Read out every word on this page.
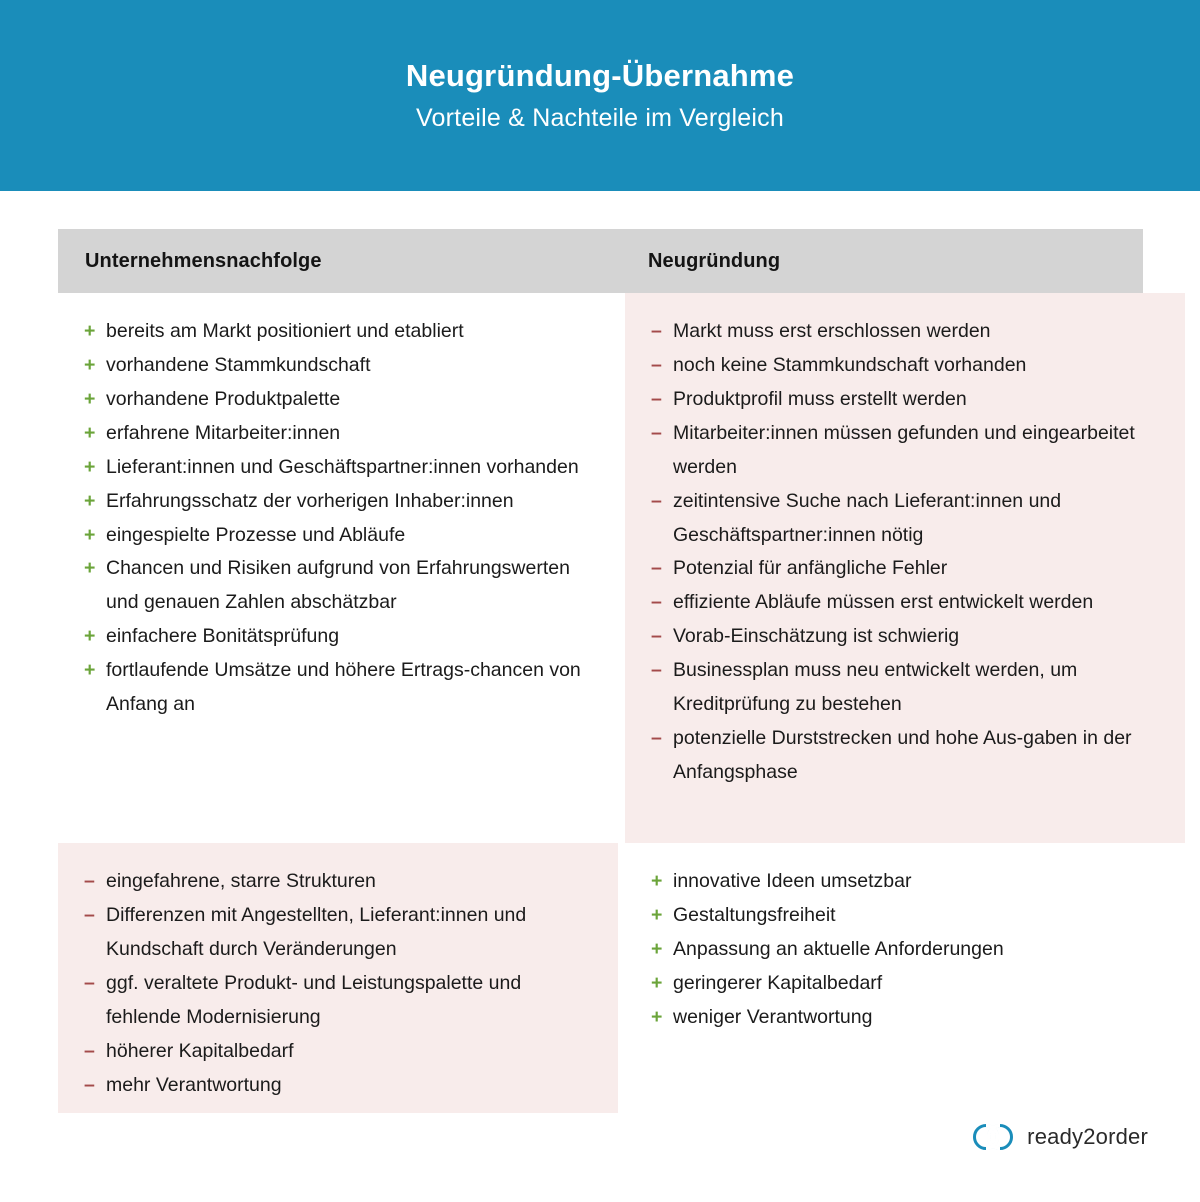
Neugründung-Übernahme
Vorteile & Nachteile im Vergleich
Unternehmensnachfolge	Neugründung
+ bereits am Markt positioniert und etabliert
+ vorhandene Stammkundschaft
+ vorhandene Produktpalette
+ erfahrene Mitarbeiter:innen
+ Lieferant:innen und Geschäftspartner:innen vorhanden
+ Erfahrungsschatz der vorherigen Inhaber:innen
+ eingespielte Prozesse und Abläufe
+ Chancen und Risiken aufgrund von Erfahrungswerten und genauen Zahlen abschätzbar
+ einfachere Bonitätsprüfung
+ fortlaufende Umsätze und höhere Ertrags-chancen von Anfang an
– eingefahrene, starre Strukturen
– Differenzen mit Angestellten, Lieferant:innen und Kundschaft durch Veränderungen
– ggf. veraltete Produkt- und Leistungspalette und fehlende Modernisierung
– höherer Kapitalbedarf
– mehr Verantwortung
– Markt muss erst erschlossen werden
– noch keine Stammkundschaft vorhanden
– Produktprofil muss erstellt werden
– Mitarbeiter:innen müssen gefunden und eingearbeitet werden
– zeitintensive Suche nach Lieferant:innen und Geschäftspartner:innen nötig
– Potenzial für anfängliche Fehler
– effiziente Abläufe müssen erst entwickelt werden
– Vorab-Einschätzung ist schwierig
– Businessplan muss neu entwickelt werden, um Kreditprüfung zu bestehen
– potenzielle Durststrecken und hohe Aus-gaben in der Anfangsphase
+ innovative Ideen umsetzbar
+ Gestaltungsfreiheit
+ Anpassung an aktuelle Anforderungen
+ geringerer Kapitalbedarf
+ weniger Verantwortung
ready2order
